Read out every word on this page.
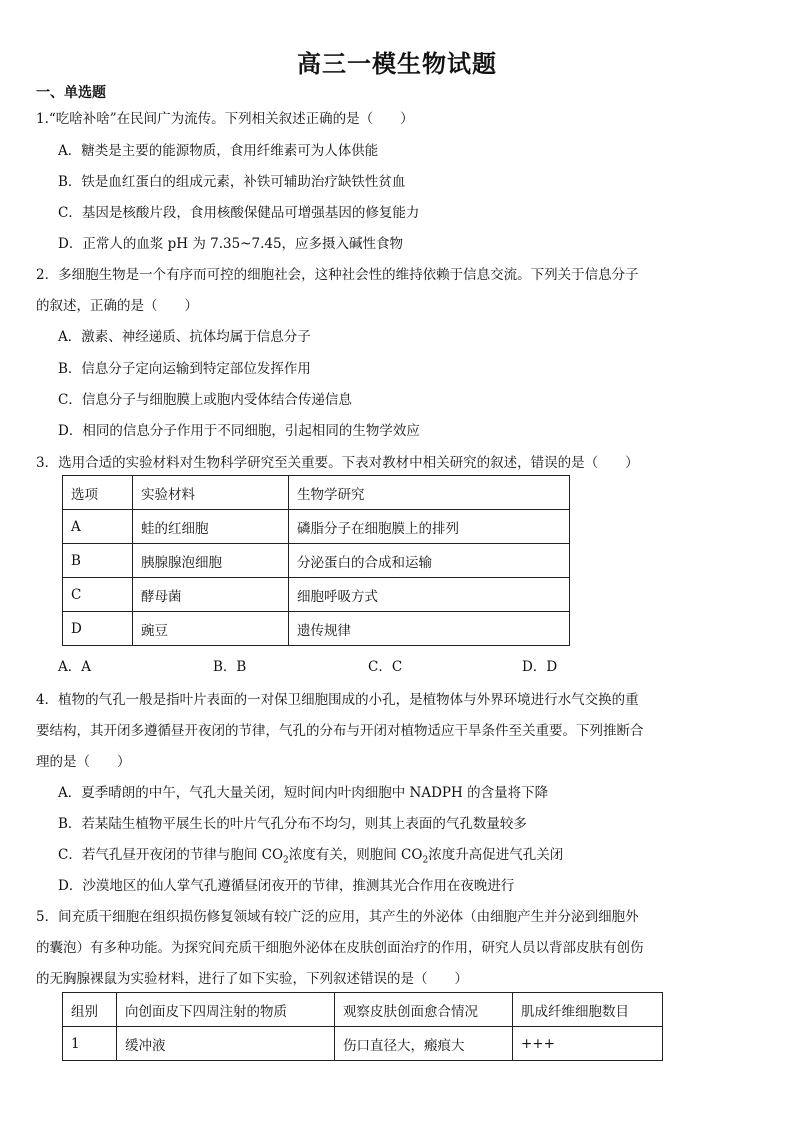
高三一模生物试题
一、单选题
1.“吃啥补啥”在民间广为流传。下列相关叙述正确的是（　　）
A．糖类是主要的能源物质，食用纤维素可为人体供能
B．铁是血红蛋白的组成元素，补铁可辅助治疗缺铁性贫血
C．基因是核酸片段，食用核酸保健品可增强基因的修复能力
D．正常人的血浆 pH 为 7.35~7.45，应多摄入碱性食物
2．多细胞生物是一个有序而可控的细胞社会，这种社会性的维持依赖于信息交流。下列关于信息分子
的叙述，正确的是（　　）
A．激素、神经递质、抗体均属于信息分子
B．信息分子定向运输到特定部位发挥作用
C．信息分子与细胞膜上或胞内受体结合传递信息
D．相同的信息分子作用于不同细胞，引起相同的生物学效应
3．选用合适的实验材料对生物科学研究至关重要。下表对教材中相关研究的叙述，错误的是（　　）
选项	实验材料	生物学研究
A	蛙的红细胞	磷脂分子在细胞膜上的排列
B	胰腺腺泡细胞	分泌蛋白的合成和运输
C	酵母菌	细胞呼吸方式
D	豌豆	遗传规律
A．A	B．B	C．C	D．D
4．植物的气孔一般是指叶片表面的一对保卫细胞围成的小孔，是植物体与外界环境进行水气交换的重
要结构，其开闭多遵循昼开夜闭的节律，气孔的分布与开闭对植物适应干旱条件至关重要。下列推断合
理的是（　　）
A．夏季晴朗的中午，气孔大量关闭，短时间内叶肉细胞中 NADPH 的含量将下降
B．若某陆生植物平展生长的叶片气孔分布不均匀，则其上表面的气孔数量较多
C．若气孔昼开夜闭的节律与胞间 $CO_2$浓度有关，则胞间 $CO_2$浓度升高促进气孔关闭
D．沙漠地区的仙人掌气孔遵循昼闭夜开的节律，推测其光合作用在夜晚进行
5．间充质干细胞在组织损伤修复领域有较广泛的应用，其产生的外泌体（由细胞产生并分泌到细胞外
的囊泡）有多种功能。为探究间充质干细胞外泌体在皮肤创面治疗的作用，研究人员以背部皮肤有创伤
的无胸腺裸鼠为实验材料，进行了如下实验，下列叙述错误的是（　　）
组别	向创面皮下四周注射的物质	观察皮肤创面愈合情况	肌成纤维细胞数目
1	缓冲液	伤口直径大，瘢痕大	+++
